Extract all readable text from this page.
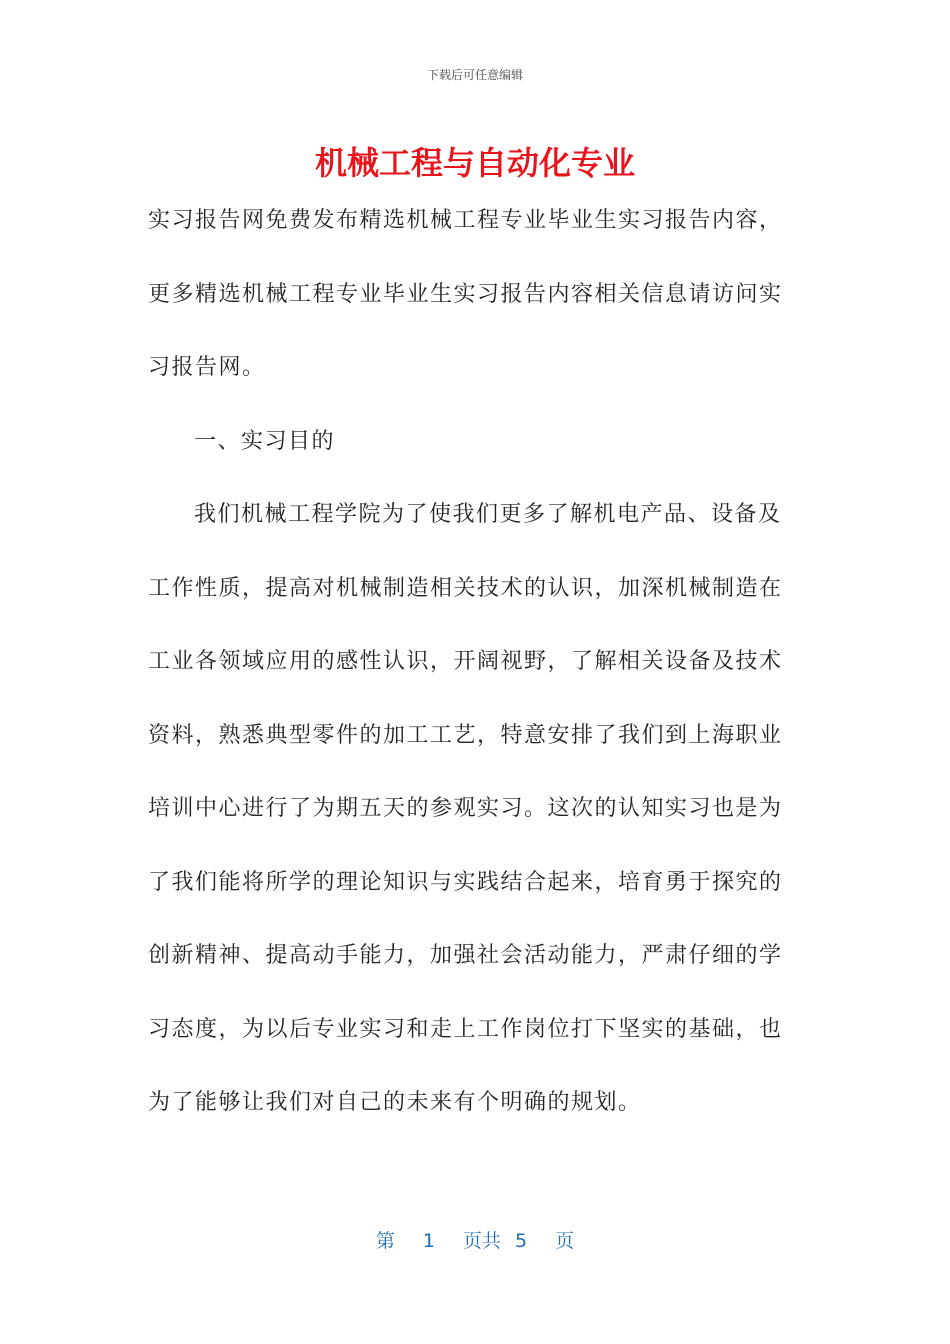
下载后可任意编辑
机械工程与自动化专业

实习报告网免费发布精选机械工程专业毕业生实习报告内容，更多精选机械工程专业毕业生实习报告内容相关信息请访问实习报告网。

一、实习目的

我们机械工程学院为了使我们更多了解机电产品、设备及工作性质，提高对机械制造相关技术的认识，加深机械制造在工业各领域应用的感性认识，开阔视野，了解相关设备及技术资料，熟悉典型零件的加工工艺，特意安排了我们到上海职业培训中心进行了为期五天的参观实习。这次的认知实习也是为了我们能将所学的理论知识与实践结合起来，培育勇于探究的创新精神、提高动手能力，加强社会活动能力，严肃仔细的学习态度，为以后专业实习和走上工作岗位打下坚实的基础，也为了能够让我们对自己的未来有个明确的规划。

第 1 页共 5 页
